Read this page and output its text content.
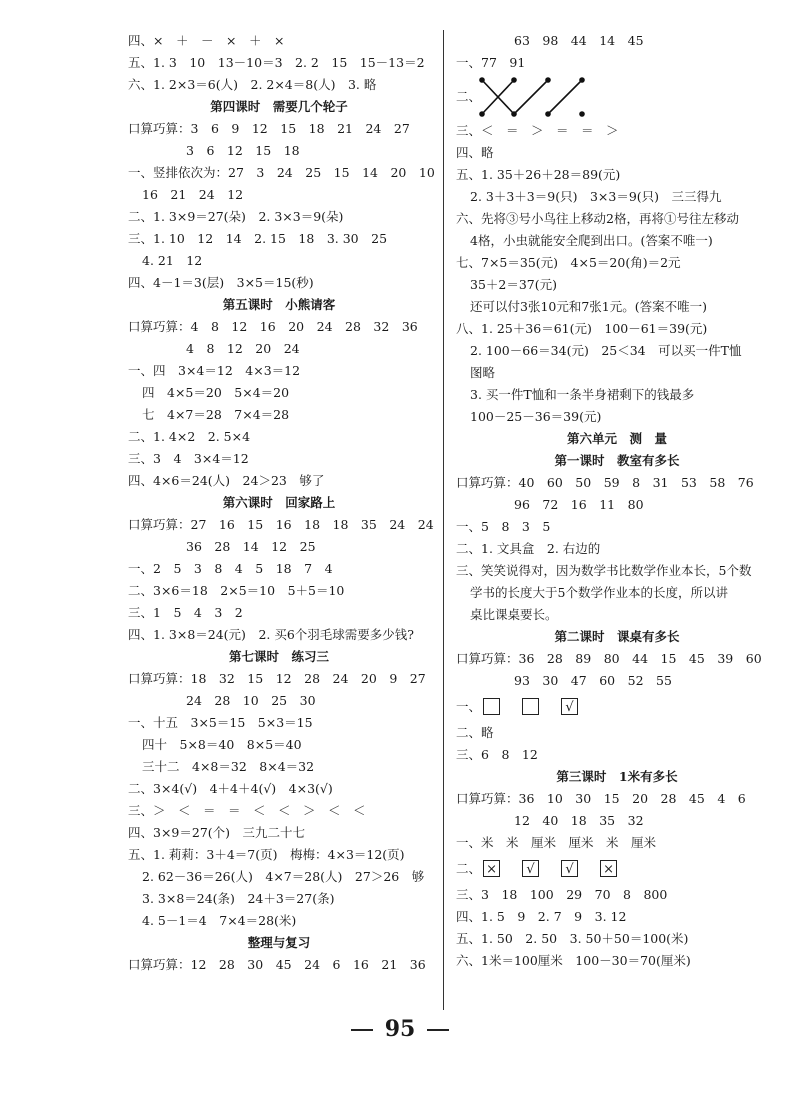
四、×　＋　－　×　＋　×
五、1. 3　10　13－10＝3　2. 2　15　15－13＝2
六、1. 2×3＝6(人)　2. 2×4＝8(人)　3. 略
第四课时　需要几个轮子
口算巧算：3　6　9　12　15　18　21　24　27
3　6　12　15　18
一、竖排依次为：27　3　24　25　15　14　20　10
16　21　24　12
二、1. 3×9＝27(朵)　2. 3×3＝9(朵)
三、1. 10　12　14　2. 15　18　3. 30　25
4. 21　12
四、4－1＝3(层)　3×5＝15(秒)
第五课时　小熊请客
口算巧算：4　8　12　16　20　24　28　32　36
4　8　12　20　24
一、四　3×4＝12　4×3＝12
四　4×5＝20　5×4＝20
七　4×7＝28　7×4＝28
二、1. 4×2　2. 5×4
三、3　4　3×4＝12
四、4×6＝24(人)　24＞23　够了
第六课时　回家路上
口算巧算：27　16　15　16　18　18　35　24　24
36　28　14　12　25
一、2　5　3　8　4　5　18　7　4
二、3×6＝18　2×5＝10　5＋5＝10
三、1　5　4　3　2
四、1. 3×8＝24(元)　2. 买6个羽毛球需要多少钱?
第七课时　练习三
口算巧算：18　32　15　12　28　24　20　9　27
24　28　10　25　30
一、十五　3×5＝15　5×3＝15
四十　5×8＝40　8×5＝40
三十二　4×8＝32　8×4＝32
二、3×4(√)　4＋4＋4(√)　4×3(√)
三、＞　＜　＝　＝　＜　＜　＞　＜　＜
四、3×9＝27(个)　三九二十七
五、1. 莉莉：3＋4＝7(页)　梅梅：4×3＝12(页)
2. 62－36＝26(人)　4×7＝28(人)　27＞26　够
3. 3×8＝24(条)　24＋3＝27(条)
4. 5－1＝4　7×4＝28(米)
整理与复习
口算巧算：12　28　30　45　24　6　16　21　36
63　98　44　14　45
一、77　91

二、

三、＜　＝　＞　＝　＝　＞
四、略
五、1. 35＋26＋28＝89(元)
2. 3＋3＋3＝9(只)　3×3＝9(只)　三三得九
六、先将③号小鸟往上移动2格，再将①号往左移动
4格，小虫就能安全爬到出口。(答案不唯一)
七、7×5＝35(元)　4×5＝20(角)＝2元
35＋2＝37(元)
还可以付3张10元和7张1元。(答案不唯一)
八、1. 25＋36＝61(元)　100－61＝39(元)
2. 100－66＝34(元)　25＜34　可以买一件T恤
图略
3. 买一件T恤和一条半身裙剩下的钱最多
100－25－36＝39(元)
第六单元　测　量
第一课时　教室有多长
口算巧算：40　60　50　59　8　31　53　58　76
96　72　16　11　80
一、5　8　3　5
二、1. 文具盒　2. 右边的
三、笑笑说得对，因为数学书比数学作业本长，5个数
学书的长度大于5个数学作业本的长度，所以讲
桌比课桌要长。
第二课时　课桌有多长
口算巧算：36　28　89　80　44　15　45　39　60
93　30　47　60　52　55
一、	√
二、略
三、6　8　12
第三课时　1米有多长
口算巧算：36　10　30　15　20　28　45　4　6
12　40　18　35　32
一、米　米　厘米　厘米　米　厘米
二、 × √ √ ×
三、3　18　100　29　70　8　800
四、1. 5　9　2. 7　9　3. 12
五、1. 50　2. 50　3. 50＋50＝100(米)
六、1米＝100厘米　100－30＝70(厘米)
95
